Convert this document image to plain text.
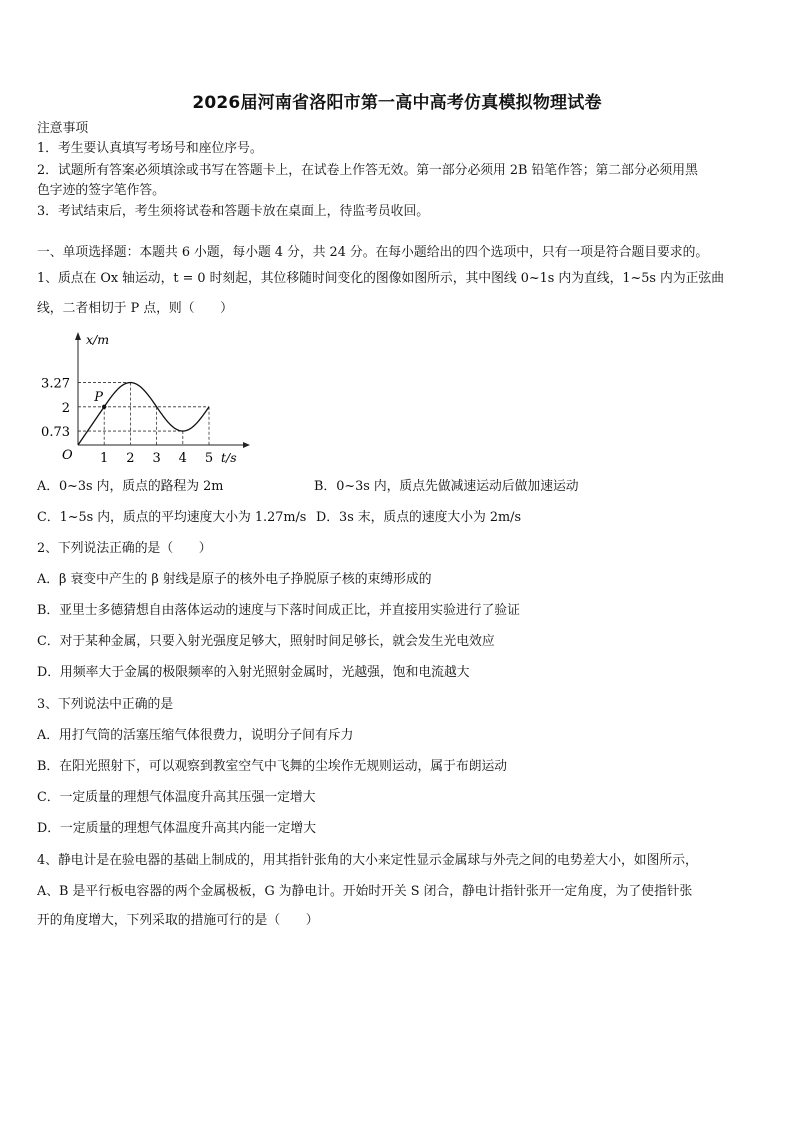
2026届河南省洛阳市第一高中高考仿真模拟物理试卷
注意事项
1．考生要认真填写考场号和座位序号。
2．试题所有答案必须填涂或书写在答题卡上，在试卷上作答无效。第一部分必须用 2B 铅笔作答；第二部分必须用黑
色字迹的签字笔作答。
3．考试结束后，考生须将试卷和答题卡放在桌面上，待监考员收回。
一、单项选择题：本题共 6 小题，每小题 4 分，共 24 分。在每小题给出的四个选项中，只有一项是符合题目要求的。
1、质点在 Ox 轴运动，t = 0 时刻起，其位移随时间变化的图像如图所示，其中图线 0~1s 内为直线，1~5s 内为正弦曲
线，二者相切于 P 点，则（　　）
P
1 2 3 4 5
0.73
2
3.27
O
x/m
t/s
A．0~3s 内，质点的路程为 2m	B．0~3s 内，质点先做减速运动后做加速运动
C．1~5s 内，质点的平均速度大小为 1.27m/s D．3s 末，质点的速度大小为 2m/s
2、下列说法正确的是（　　）
A．β 衰变中产生的 β 射线是原子的核外电子挣脱原子核的束缚形成的
B．亚里士多德猜想自由落体运动的速度与下落时间成正比，并直接用实验进行了验证
C．对于某种金属，只要入射光强度足够大，照射时间足够长，就会发生光电效应
D．用频率大于金属的极限频率的入射光照射金属时，光越强，饱和电流越大
3、下列说法中正确的是
A．用打气筒的活塞压缩气体很费力，说明分子间有斥力
B．在阳光照射下，可以观察到教室空气中飞舞的尘埃作无规则运动，属于布朗运动
C．一定质量的理想气体温度升高其压强一定增大
D．一定质量的理想气体温度升高其内能一定增大
4、静电计是在验电器的基础上制成的，用其指针张角的大小来定性显示金属球与外壳之间的电势差大小，如图所示，
A、B 是平行板电容器的两个金属极板，G 为静电计。开始时开关 S 闭合，静电计指针张开一定角度，为了使指针张
开的角度增大，下列采取的措施可行的是（　　）
